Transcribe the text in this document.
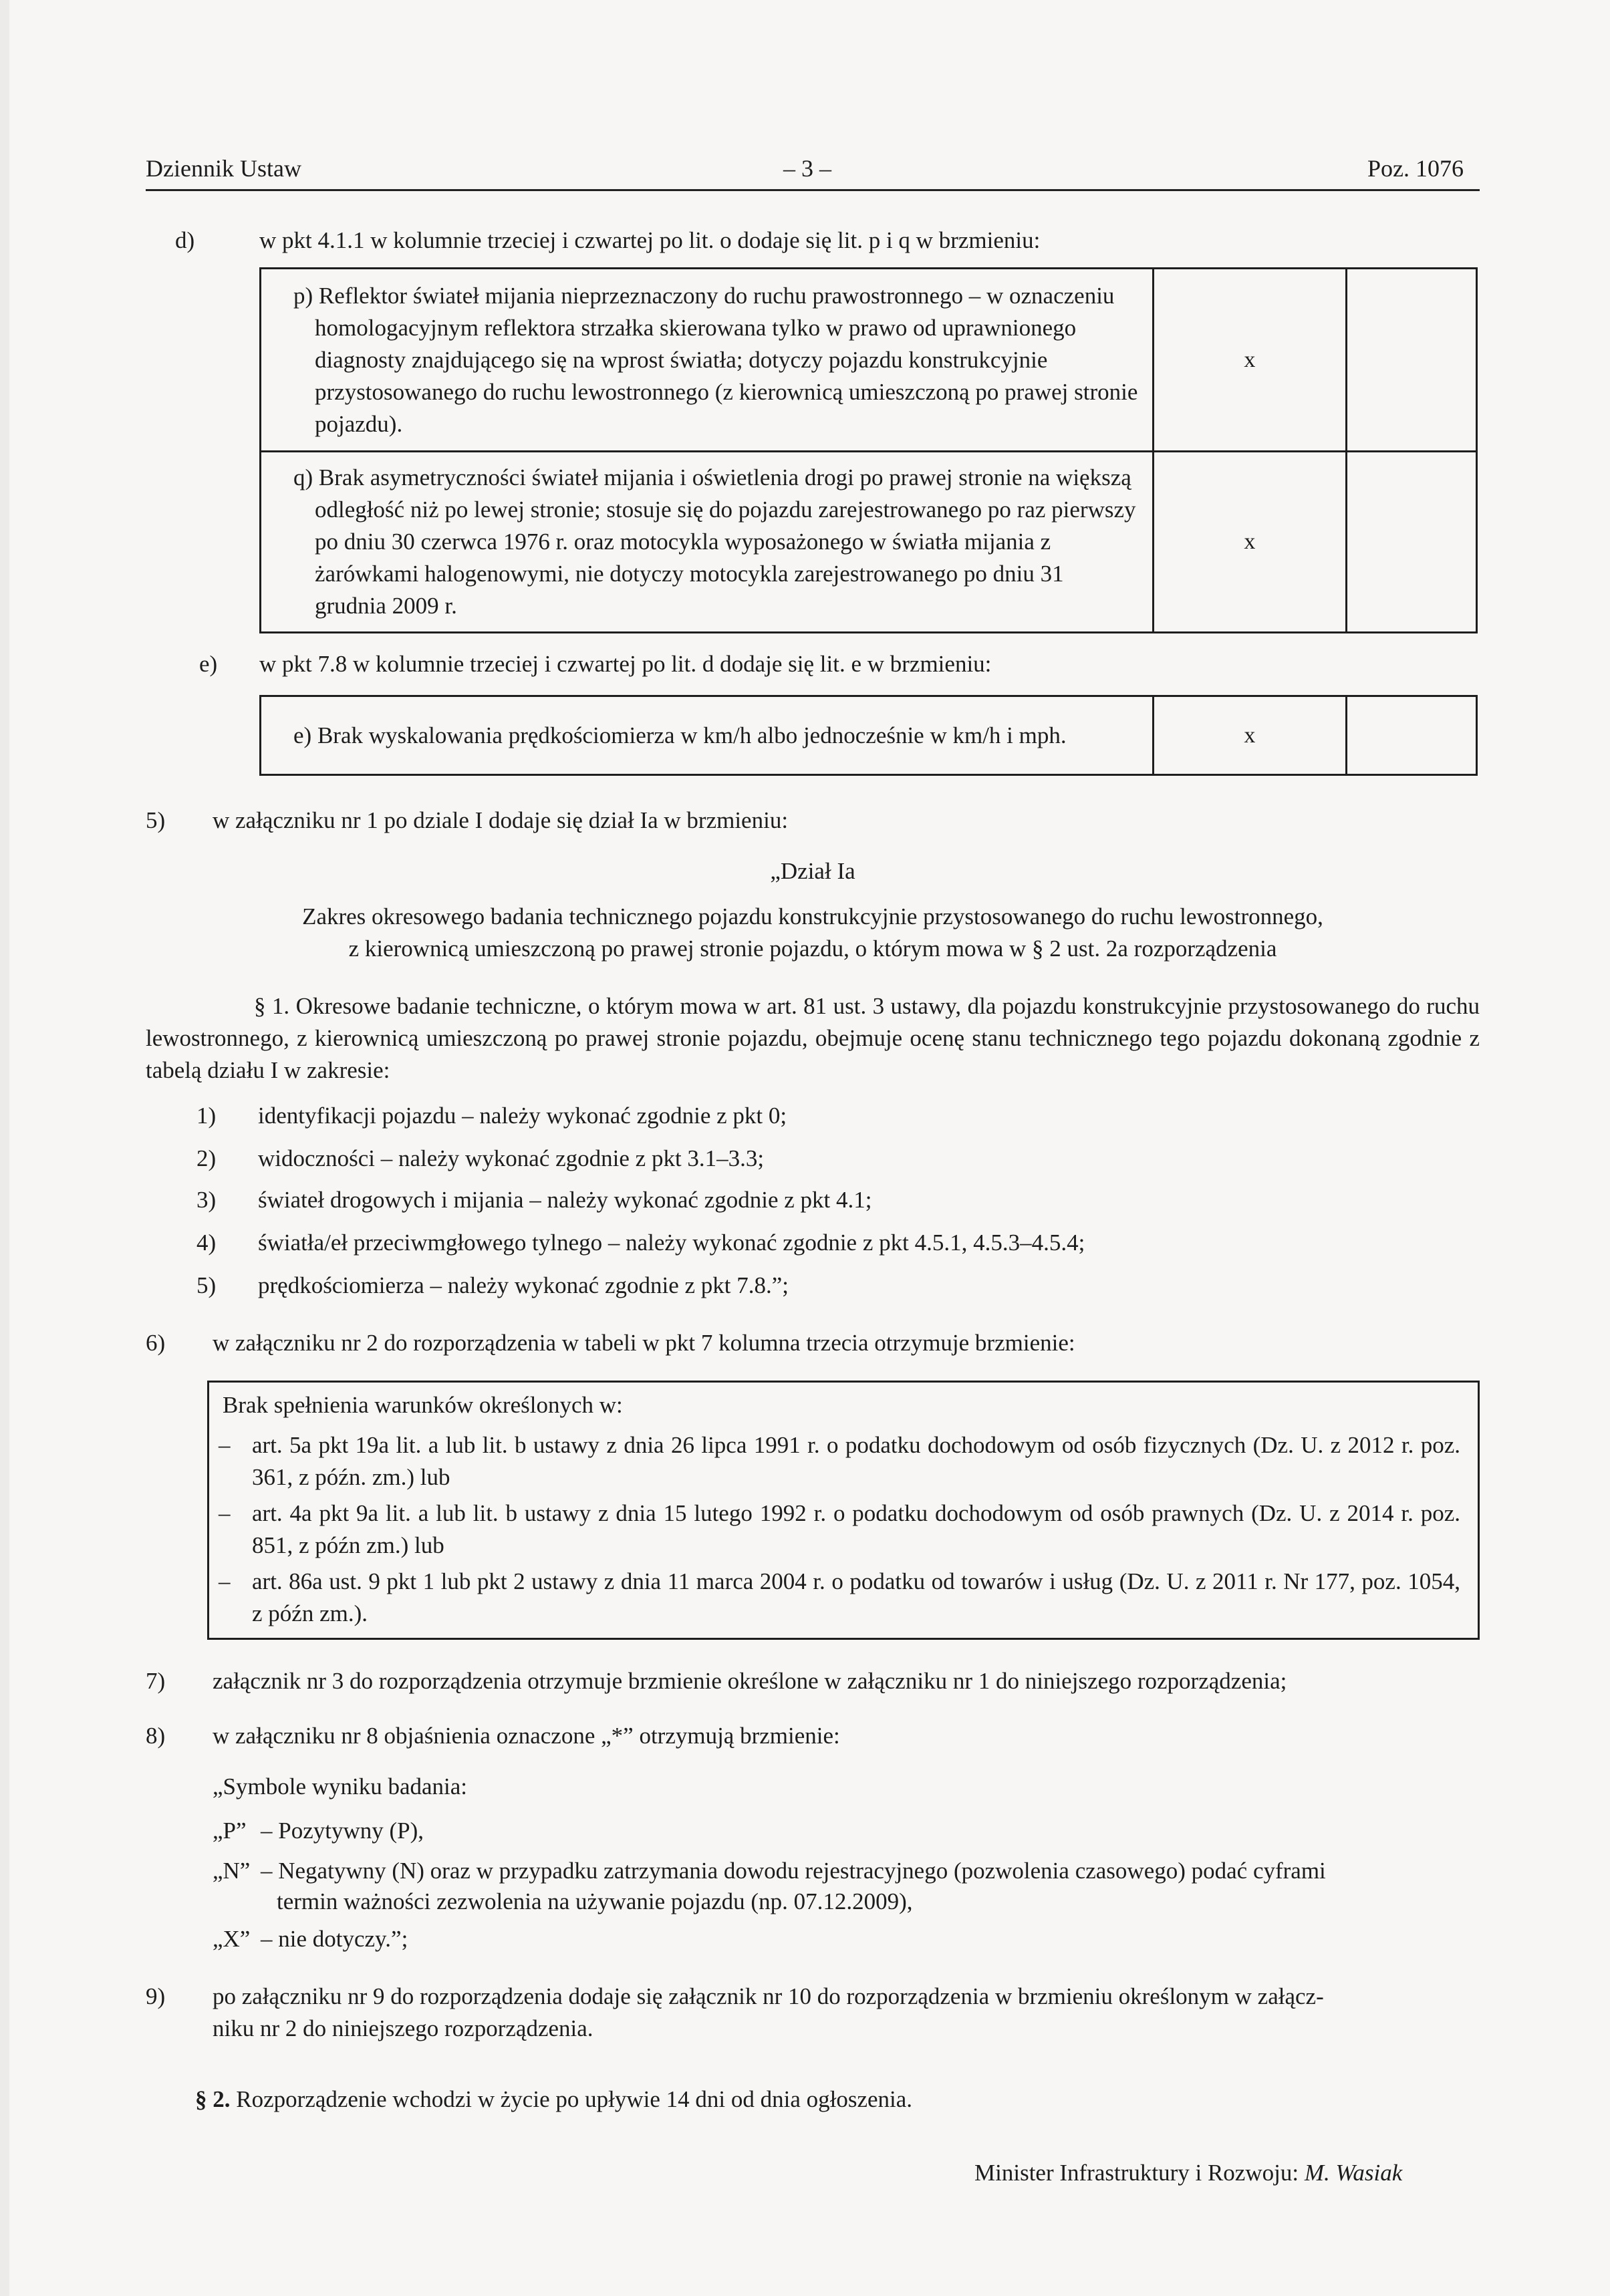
Dziennik Ustaw	– 3 –	Poz. 1076
d)	w pkt 4.1.1 w kolumnie trzeciej i czwartej po lit. o dodaje się lit. p i q w brzmieniu:
p) Reflektor świateł mijania nieprzeznaczony do ruchu prawostronnego – w oznaczeniu homologacyjnym reflektora strzałka skierowana tylko w prawo od uprawnionego diagnosty znajdującego się na wprost światła; dotyczy pojazdu konstrukcyjnie przystosowanego do ruchu lewostronnego (z kierownicą umieszczoną po prawej stronie pojazdu).	x	

q) Brak asymetryczności świateł mijania i oświetlenia drogi po prawej stronie na większą odległość niż po lewej stronie; stosuje się do pojazdu zarejestrowanego po raz pierwszy po dniu 30 czerwca 1976 r. oraz motocykla wyposażonego w światła mijania z żarówkami halogenowymi, nie dotyczy motocykla zarejestrowanego po dniu 31 grudnia 2009 r.	x	
e) w pkt 7.8 w kolumnie trzeciej i czwartej po lit. d dodaje się lit. e w brzmieniu:
e) Brak wyskalowania prędkościomierza w km/h albo jednocześnie w km/h i mph.	x	
5) w załączniku nr 1 po dziale I dodaje się dział Ia w brzmieniu:
„Dział Ia
Zakres okresowego badania technicznego pojazdu konstrukcyjnie przystosowanego do ruchu lewostronnego,
z kierownicą umieszczoną po prawej stronie pojazdu, o którym mowa w § 2 ust. 2a rozporządzenia
§ 1. Okresowe badanie techniczne, o którym mowa w art. 81 ust. 3 ustawy, dla pojazdu konstrukcyjnie przystosowanego do ruchu lewostronnego, z kierownicą umieszczoną po prawej stronie pojazdu, obejmuje ocenę stanu technicznego tego pojazdu dokonaną zgodnie z tabelą działu I w zakresie:
1) identyfikacji pojazdu – należy wykonać zgodnie z pkt 0;
2) widoczności – należy wykonać zgodnie z pkt 3.1–3.3;
3) świateł drogowych i mijania – należy wykonać zgodnie z pkt 4.1;
4) światła/eł przeciwmgłowego tylnego – należy wykonać zgodnie z pkt 4.5.1, 4.5.3–4.5.4;
5) prędkościomierza – należy wykonać zgodnie z pkt 7.8.”;
6) w załączniku nr 2 do rozporządzenia w tabeli w pkt 7 kolumna trzecia otrzymuje brzmienie:
Brak spełnienia warunków określonych w:
– art. 5a pkt 19a lit. a lub lit. b ustawy z dnia 26 lipca 1991 r. o podatku dochodowym od osób fizycznych (Dz. U. z 2012 r. poz. 361, z późn. zm.) lub
– art. 4a pkt 9a lit. a lub lit. b ustawy z dnia 15 lutego 1992 r. o podatku dochodowym od osób prawnych (Dz. U. z 2014 r. poz. 851, z późn zm.) lub
– art. 86a ust. 9 pkt 1 lub pkt 2 ustawy z dnia 11 marca 2004 r. o podatku od towarów i usług (Dz. U. z 2011 r. Nr 177, poz. 1054, z późn zm.).
7) załącznik nr 3 do rozporządzenia otrzymuje brzmienie określone w załączniku nr 1 do niniejszego rozporządzenia;
8) w załączniku nr 8 objaśnienia oznaczone „*” otrzymują brzmienie:
„Symbole wyniku badania:
„P” – Pozytywny (P),
„N” – Negatywny (N) oraz w przypadku zatrzymania dowodu rejestracyjnego (pozwolenia czasowego) podać cyframi
termin ważności zezwolenia na używanie pojazdu (np. 07.12.2009),
„X” – nie dotyczy.”;
9) po załączniku nr 9 do rozporządzenia dodaje się załącznik nr 10 do rozporządzenia w brzmieniu określonym w załącz-
niku nr 2 do niniejszego rozporządzenia.
§ 2. Rozporządzenie wchodzi w życie po upływie 14 dni od dnia ogłoszenia.
Minister Infrastruktury i Rozwoju: M. Wasiak
